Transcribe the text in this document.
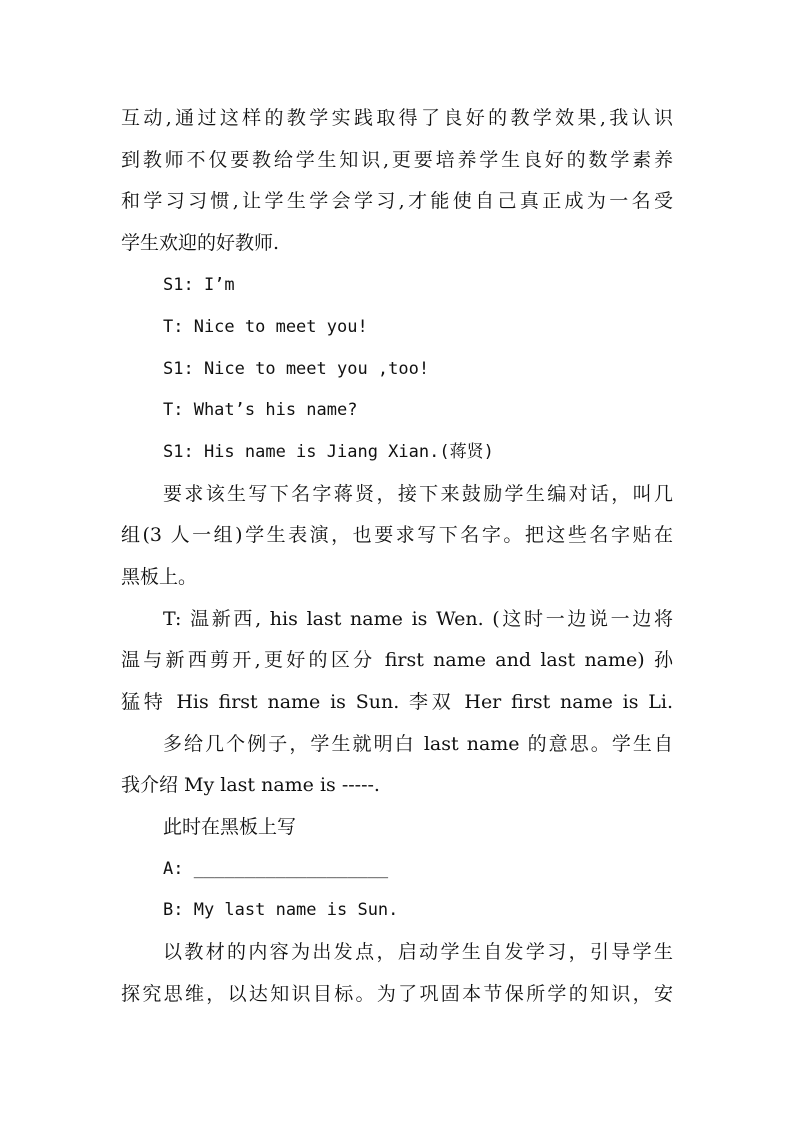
互动,通过这样的教学实践取得了良好的教学效果,我认识
到教师不仅要教给学生知识,更要培养学生良好的数学素养
和学习习惯,让学生学会学习,才能使自己真正成为一名受
学生欢迎的好教师.
S1: I’m
T: Nice to meet you!
S1: Nice to meet you ,too!
T: What’s his name?
S1: His name is Jiang Xian.(蒋贤)
要求该生写下名字蒋贤，接下来鼓励学生编对话，叫几
组(3 人一组)学生表演，也要求写下名字。把这些名字贴在
黑板上。
T: 温新西, his last name is Wen. (这时一边说一边将
温与新西剪开,更好的区分 first name and last name) 孙
猛特 His first name is Sun. 李双 Her first name is Li.
多给几个例子，学生就明白 last name 的意思。学生自
我介绍 My last name is -----.
此时在黑板上写
A: ___________________
B: My last name is Sun.
以教材的内容为出发点，启动学生自发学习，引导学生
探究思维，以达知识目标。为了巩固本节保所学的知识，安
